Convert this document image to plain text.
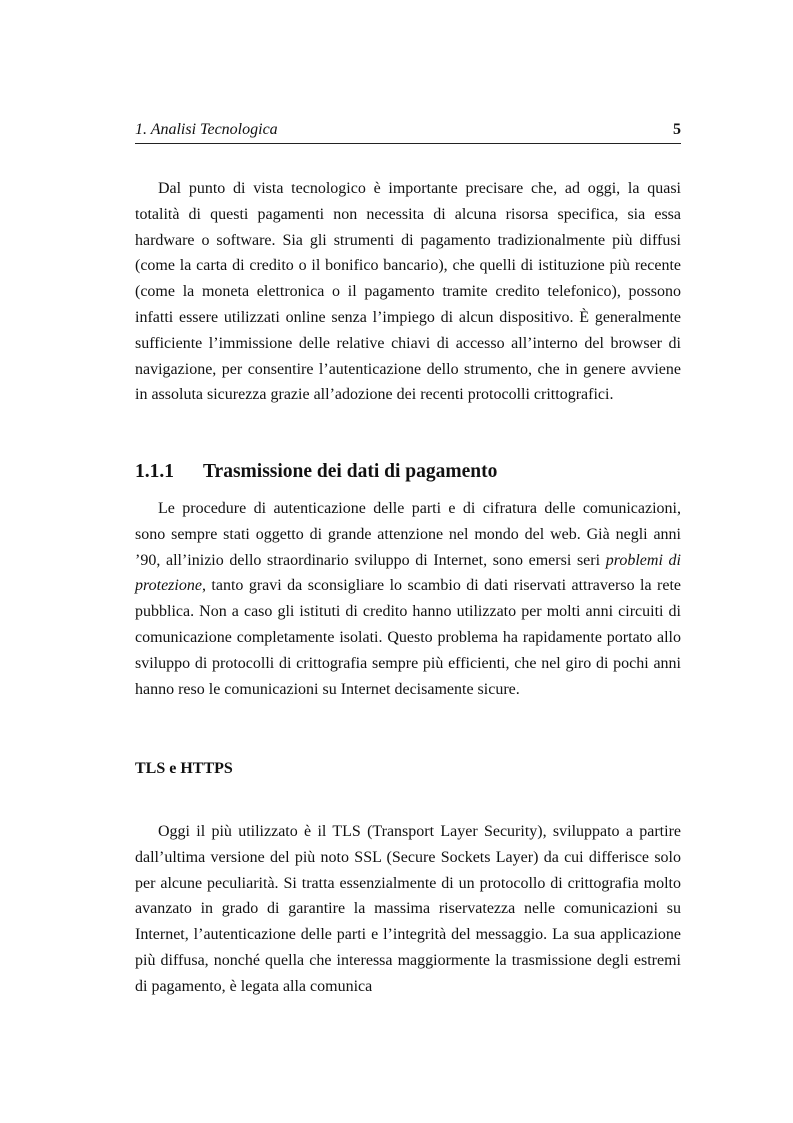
1. Analisi Tecnologica	5

Dal punto di vista tecnologico è importante precisare che, ad oggi, la quasi totalità di questi pagamenti non necessita di alcuna risorsa specifica, sia essa hardware o software. Sia gli strumenti di pagamento tradizionalmente più diffusi (come la carta di credito o il bonifico bancario), che quelli di istituzione più recente (come la moneta elettronica o il pagamento tramite credito telefonico), possono infatti essere utilizzati online senza l’impiego di alcun dispositivo. È generalmente sufficiente l’immissione delle relative chiavi di accesso all’interno del browser di navigazione, per consentire l’autenticazione dello strumento, che in genere avviene in assoluta sicurezza grazie all’adozione dei recenti protocolli crittografici.

1.1.1 Trasmissione dei dati di pagamento

Le procedure di autenticazione delle parti e di cifratura delle comunicazioni, sono sempre stati oggetto di grande attenzione nel mondo del web. Già negli anni ’90, all’inizio dello straordinario sviluppo di Internet, sono emersi seri problemi di protezione, tanto gravi da sconsigliare lo scambio di dati riservati attraverso la rete pubblica. Non a caso gli istituti di credito hanno utilizzato per molti anni circuiti di comunicazione completamente isolati. Questo problema ha rapidamente portato allo sviluppo di protocolli di crittografia sempre più efficienti, che nel giro di pochi anni hanno reso le comunicazioni su Internet decisamente sicure.

TLS e HTTPS

Oggi il più utilizzato è il TLS (Transport Layer Security), sviluppato a partire dall’ultima versione del più noto SSL (Secure Sockets Layer) da cui differisce solo per alcune peculiarità. Si tratta essenzialmente di un protocollo di crittografia molto avanzato in grado di garantire la massima riservatezza nelle comunicazioni su Internet, l’autenticazione delle parti e l’integrità del messaggio. La sua applicazione più diffusa, nonché quella che interessa maggiormente la trasmissione degli estremi di pagamento, è legata alla comunica
